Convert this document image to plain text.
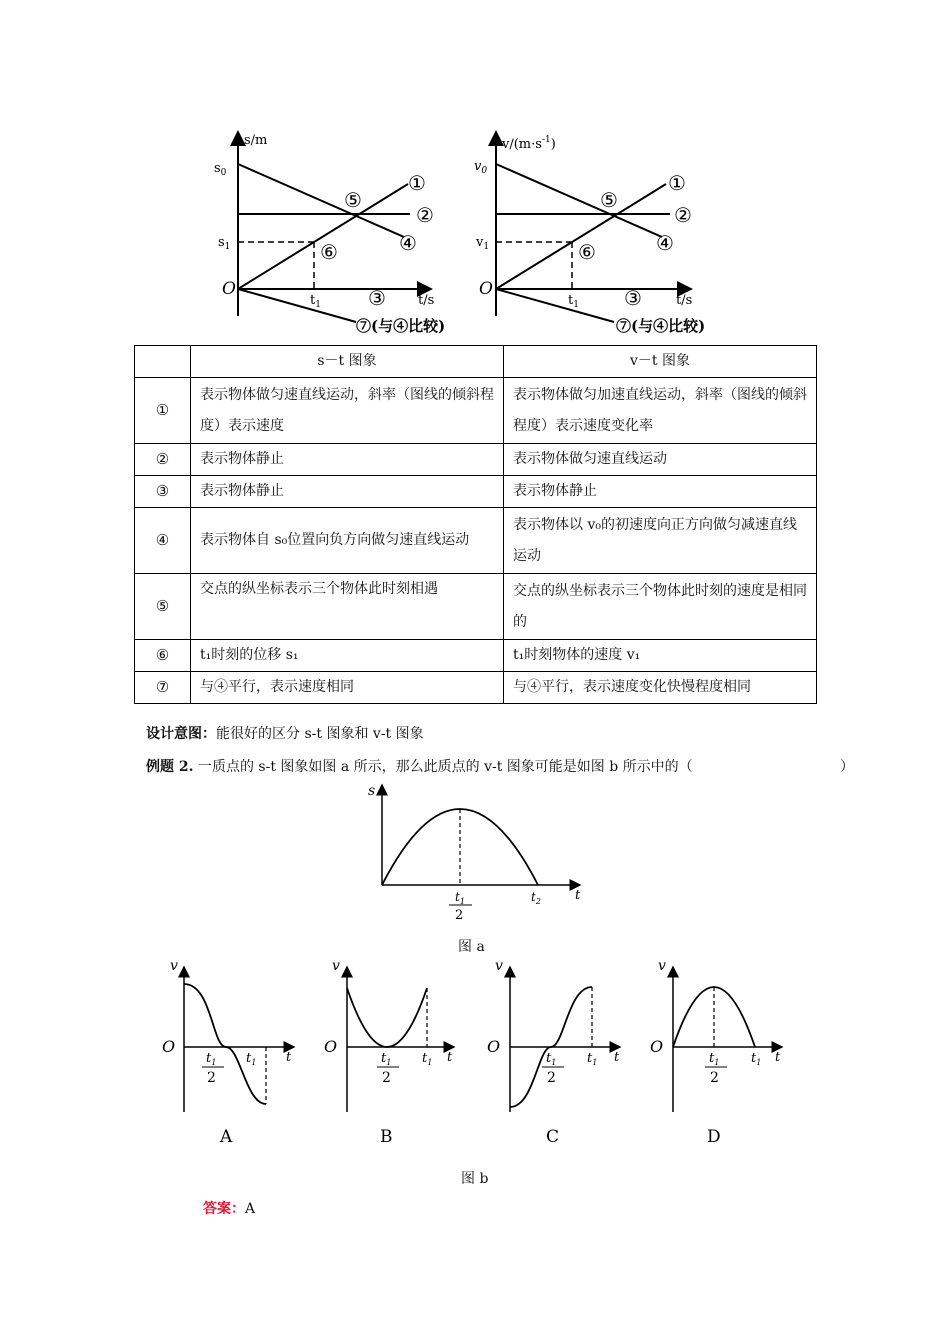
s/m
$s_0$
$s_1$
O
$t_1$	t/s
①
②
③
④
⑤
⑥
⑦(与④比较)
$v/(m\cdot s^{-1})$
$v_0$
$v_1$
O
$t_1$	t/s
①
②
③
④
⑤
⑥
⑦(与④比较)
	s－t 图象	v－t 图象
①	表示物体做匀速直线运动，斜率（图线的倾斜程度）表示速度	表示物体做匀加速直线运动，斜率（图线的倾斜程度）表示速度变化率
②	表示物体静止	表示物体做匀速直线运动
③	表示物体静止	表示物体静止
④	表示物体自 s₀位置向负方向做匀速直线运动	表示物体以 v₀的初速度向正方向做匀减速直线运动
⑤	交点的纵坐标表示三个物体此时刻相遇	交点的纵坐标表示三个物体此时刻的速度是相同的
⑥	t₁时刻的位移 s₁	t₁时刻物体的速度 v₁
⑦	与④平行，表示速度相同	与④平行，表示速度变化快慢程度相同
设计意图：能很好的区分 s-t 图象和 v-t 图象
例题 2. 一质点的 s-t 图象如图 a 所示，那么此质点的 v-t 图象可能是如图 b 所示中的（	）
s
t
$t_1$
2
$t_2$
图 a
v
O
t
$t_1$
2
$t_1$
A
v
O
t
$t_1$
2
$t_1$
B
v
O
t
$t_1$
2
$t_1$
C
v
O
t
$t_1$
2
$t_1$
D
图 b
答案：A
